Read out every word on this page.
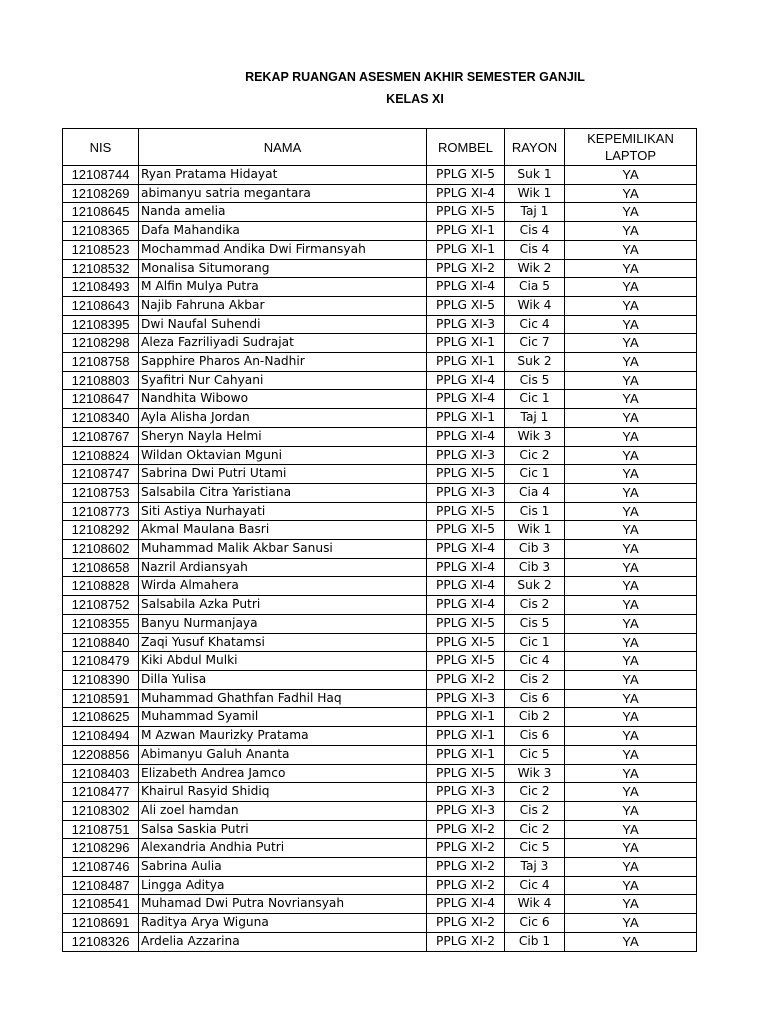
REKAP RUANGAN ASESMEN AKHIR SEMESTER GANJIL
KELAS XI
NIS	NAMA	ROMBEL	RAYON	KEPEMILIKAN LAPTOP
12108744	Ryan Pratama Hidayat	PPLG XI-5	Suk 1	YA
12108269	abimanyu satria megantara	PPLG XI-4	Wik 1	YA
12108645	Nanda amelia	PPLG XI-5	Taj 1	YA
12108365	Dafa Mahandika	PPLG XI-1	Cis 4	YA
12108523	Mochammad Andika Dwi Firmansyah	PPLG XI-1	Cis 4	YA
12108532	Monalisa Situmorang	PPLG XI-2	Wik 2	YA
12108493	M Alfin Mulya Putra	PPLG XI-4	Cia 5	YA
12108643	Najib Fahruna Akbar	PPLG XI-5	Wik 4	YA
12108395	Dwi Naufal Suhendi	PPLG XI-3	Cic 4	YA
12108298	Aleza Fazriliyadi Sudrajat	PPLG XI-1	Cic 7	YA
12108758	Sapphire Pharos An-Nadhir	PPLG XI-1	Suk 2	YA
12108803	Syafitri Nur Cahyani	PPLG XI-4	Cis 5	YA
12108647	Nandhita Wibowo	PPLG XI-4	Cic 1	YA
12108340	Ayla Alisha Jordan	PPLG XI-1	Taj 1	YA
12108767	Sheryn Nayla Helmi	PPLG XI-4	Wik 3	YA
12108824	Wildan Oktavian Mguni	PPLG XI-3	Cic 2	YA
12108747	Sabrina Dwi Putri Utami	PPLG XI-5	Cic 1	YA
12108753	Salsabila Citra Yaristiana	PPLG XI-3	Cia 4	YA
12108773	Siti Astiya Nurhayati	PPLG XI-5	Cis 1	YA
12108292	Akmal Maulana Basri	PPLG XI-5	Wik 1	YA
12108602	Muhammad Malik Akbar Sanusi	PPLG XI-4	Cib 3	YA
12108658	Nazril Ardiansyah	PPLG XI-4	Cib 3	YA
12108828	Wirda Almahera	PPLG XI-4	Suk 2	YA
12108752	Salsabila Azka Putri	PPLG XI-4	Cis 2	YA
12108355	Banyu Nurmanjaya	PPLG XI-5	Cis 5	YA
12108840	Zaqi Yusuf Khatamsi	PPLG XI-5	Cic 1	YA
12108479	Kiki Abdul Mulki	PPLG XI-5	Cic 4	YA
12108390	Dilla Yulisa	PPLG XI-2	Cis 2	YA
12108591	Muhammad Ghathfan Fadhil Haq	PPLG XI-3	Cis 6	YA
12108625	Muhammad Syamil	PPLG XI-1	Cib 2	YA
12108494	M Azwan Maurizky Pratama	PPLG XI-1	Cis 6	YA
12208856	Abimanyu Galuh Ananta	PPLG XI-1	Cic 5	YA
12108403	Elizabeth Andrea Jamco	PPLG XI-5	Wik 3	YA
12108477	Khairul Rasyid Shidiq	PPLG XI-3	Cic 2	YA
12108302	Ali zoel hamdan	PPLG XI-3	Cis 2	YA
12108751	Salsa Saskia Putri	PPLG XI-2	Cic 2	YA
12108296	Alexandria Andhia Putri	PPLG XI-2	Cic 5	YA
12108746	Sabrina Aulia	PPLG XI-2	Taj 3	YA
12108487	Lingga Aditya	PPLG XI-2	Cic 4	YA
12108541	Muhamad Dwi Putra Novriansyah	PPLG XI-4	Wik 4	YA
12108691	Raditya Arya Wiguna	PPLG XI-2	Cic 6	YA
12108326	Ardelia Azzarina	PPLG XI-2	Cib 1	YA
